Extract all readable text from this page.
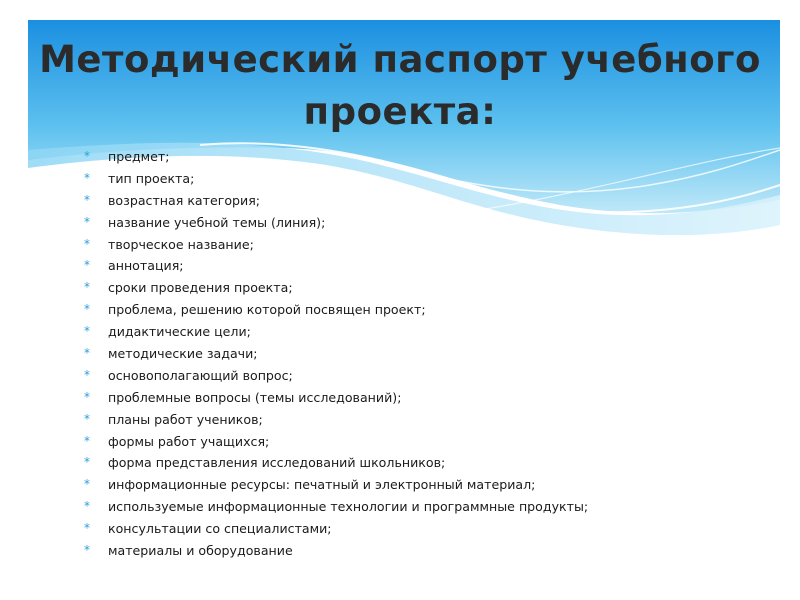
Методический паспорт учебного проекта:
*	предмет;
*	тип проекта;
*	возрастная категория;
*	название учебной темы (линия);
*	творческое название;
*	аннотация;
*	сроки проведения проекта;
*	проблема, решению которой посвящен проект;
*	дидактические цели;
*	методические задачи;
*	основополагающий вопрос;
*	проблемные вопросы (темы исследований);
*	планы работ учеников;
*	формы работ учащихся;
*	форма представления исследований школьников;
*	информационные ресурсы: печатный и электронный материал;
*	используемые информационные технологии и программные продукты;
*	консультации со специалистами;
*	материалы и оборудование
